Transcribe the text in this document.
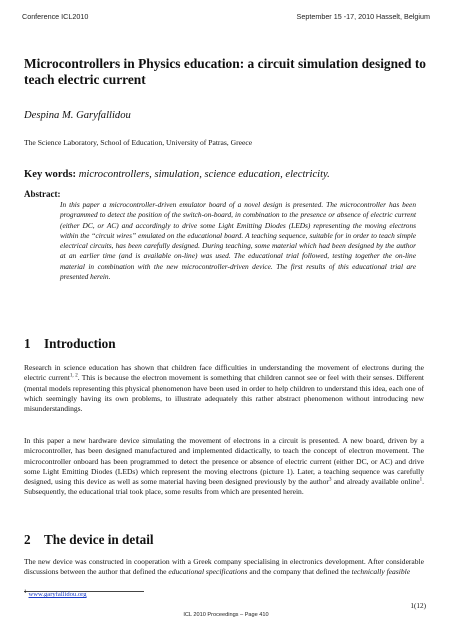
Conference ICL2010	September 15 -17, 2010 Hasselt, Belgium
Microcontrollers in Physics education: a circuit simulation designed to teach electric current
Despina M. Garyfallidou
The Science Laboratory, School of Education, University of Patras, Greece
Key words: microcontrollers, simulation, science education, electricity.
Abstract:
In this paper a microcontroller-driven emulator board of a novel design is presented. The microcontroller has been programmed to detect the position of the switch-on-board, in combination to the presence or absence of electric current (either DC, or AC) and accordingly to drive some Light Emitting Diodes (LEDs) representing the moving electrons within the “circuit wires” emulated on the educational board. A teaching sequence, suitable for in order to teach simple electrical circuits, has been carefully designed. During teaching, some material which had been designed by the author at an earlier time (and is available on-line) was used. The educational trial followed, testing together the on-line material in combination with the new microcontroller-driven device. The first results of this educational trial are presented herein.
1 Introduction
Research in science education has shown that children face difficulties in understanding the movement of electrons during the electric current$^{1, 2}$. This is because the electron movement is something that children cannot see or feel with their senses. Different (mental models representing this physical phenomenon have been used in order to help children to understand this idea, each one of which seemingly having its own problems, to illustrate adequately this rather abstract phenomenon without introducing new misunderstandings.
In this paper a new hardware device simulating the movement of electrons in a circuit is presented. A new board, driven by a microcontroller, has been designed manufactured and implemented didactically, to teach the concept of electron movement. The microcontroller onboard has been programmed to detect the presence or absence of electric current (either DC, or AC) and drive some Light Emitting Diodes (LEDs) which represent the moving electrons (picture 1). Later, a teaching sequence was carefully designed, using this device as well as some material having been designed previously by the author$^3$ and already available online$^1$. Subsequently, the educational trial took place, some results from which are presented herein.
2 The device in detail
The new device was constructed in cooperation with a Greek company specialising in electronics development. After considerable discussions between the author that defined the educational specifications and the company that defined the technically feasible
$^1$ www.garyfallidou.org
1(12)
ICL 2010 Proceedings – Page 410
